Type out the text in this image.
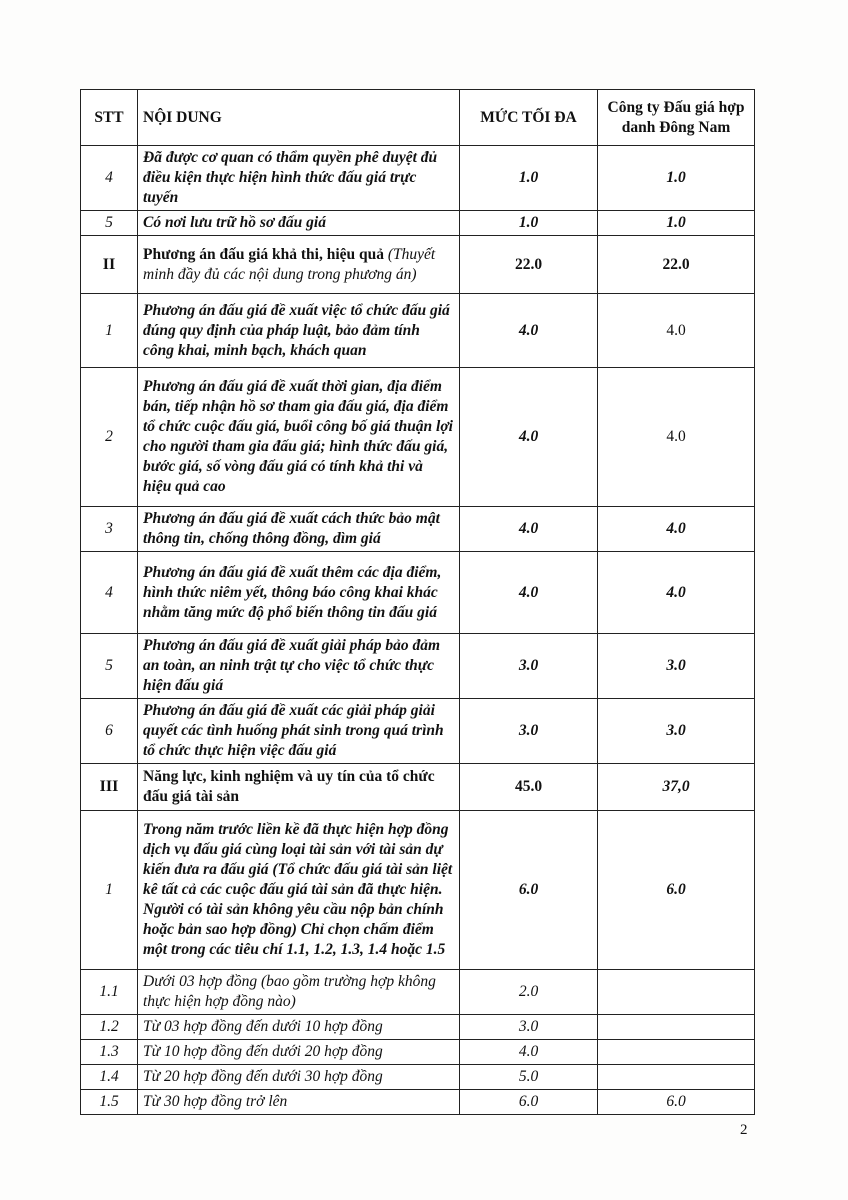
STT	NỘI DUNG	MỨC TỐI ĐA	Công ty Đấu giá hợp danh Đông Nam
4	Đã được cơ quan có thẩm quyền phê duyệt đủ điều kiện thực hiện hình thức đấu giá trực tuyến	1.0	1.0
5	Có nơi lưu trữ hồ sơ đấu giá	1.0	1.0
II	Phương án đấu giá khả thi, hiệu quả (Thuyết minh đầy đủ các nội dung trong phương án)	22.0	22.0
1	Phương án đấu giá đề xuất việc tổ chức đấu giá đúng quy định của pháp luật, bảo đảm tính công khai, minh bạch, khách quan	4.0	4.0
2	Phương án đấu giá đề xuất thời gian, địa điểm bán, tiếp nhận hồ sơ tham gia đấu giá, địa điểm tổ chức cuộc đấu giá, buổi công bố giá thuận lợi cho người tham gia đấu giá; hình thức đấu giá, bước giá, số vòng đấu giá có tính khả thi và hiệu quả cao	4.0	4.0
3	Phương án đấu giá đề xuất cách thức bảo mật thông tin, chống thông đồng, dìm giá	4.0	4.0
4	Phương án đấu giá đề xuất thêm các địa điểm, hình thức niêm yết, thông báo công khai khác nhằm tăng mức độ phổ biến thông tin đấu giá	4.0	4.0
5	Phương án đấu giá đề xuất giải pháp bảo đảm an toàn, an ninh trật tự cho việc tổ chức thực hiện đấu giá	3.0	3.0
6	Phương án đấu giá đề xuất các giải pháp giải quyết các tình huống phát sinh trong quá trình tổ chức thực hiện việc đấu giá	3.0	3.0
III	Năng lực, kinh nghiệm và uy tín của tổ chức đấu giá tài sản	45.0	37,0
1	Trong năm trước liền kề đã thực hiện hợp đồng dịch vụ đấu giá cùng loại tài sản với tài sản dự kiến đưa ra đấu giá (Tổ chức đấu giá tài sản liệt kê tất cả các cuộc đấu giá tài sản đã thực hiện. Người có tài sản không yêu cầu nộp bản chính hoặc bản sao hợp đồng) Chỉ chọn chấm điểm một trong các tiêu chí 1.1, 1.2, 1.3, 1.4 hoặc 1.5	6.0	6.0
1.1	Dưới 03 hợp đồng (bao gồm trường hợp không thực hiện hợp đồng nào)	2.0	
1.2	Từ 03 hợp đồng đến dưới 10 hợp đồng	3.0	
1.3	Từ 10 hợp đồng đến dưới 20 hợp đồng	4.0	
1.4	Từ 20 hợp đồng đến dưới 30 hợp đồng	5.0	
1.5	Từ 30 hợp đồng trở lên	6.0	6.0
2
